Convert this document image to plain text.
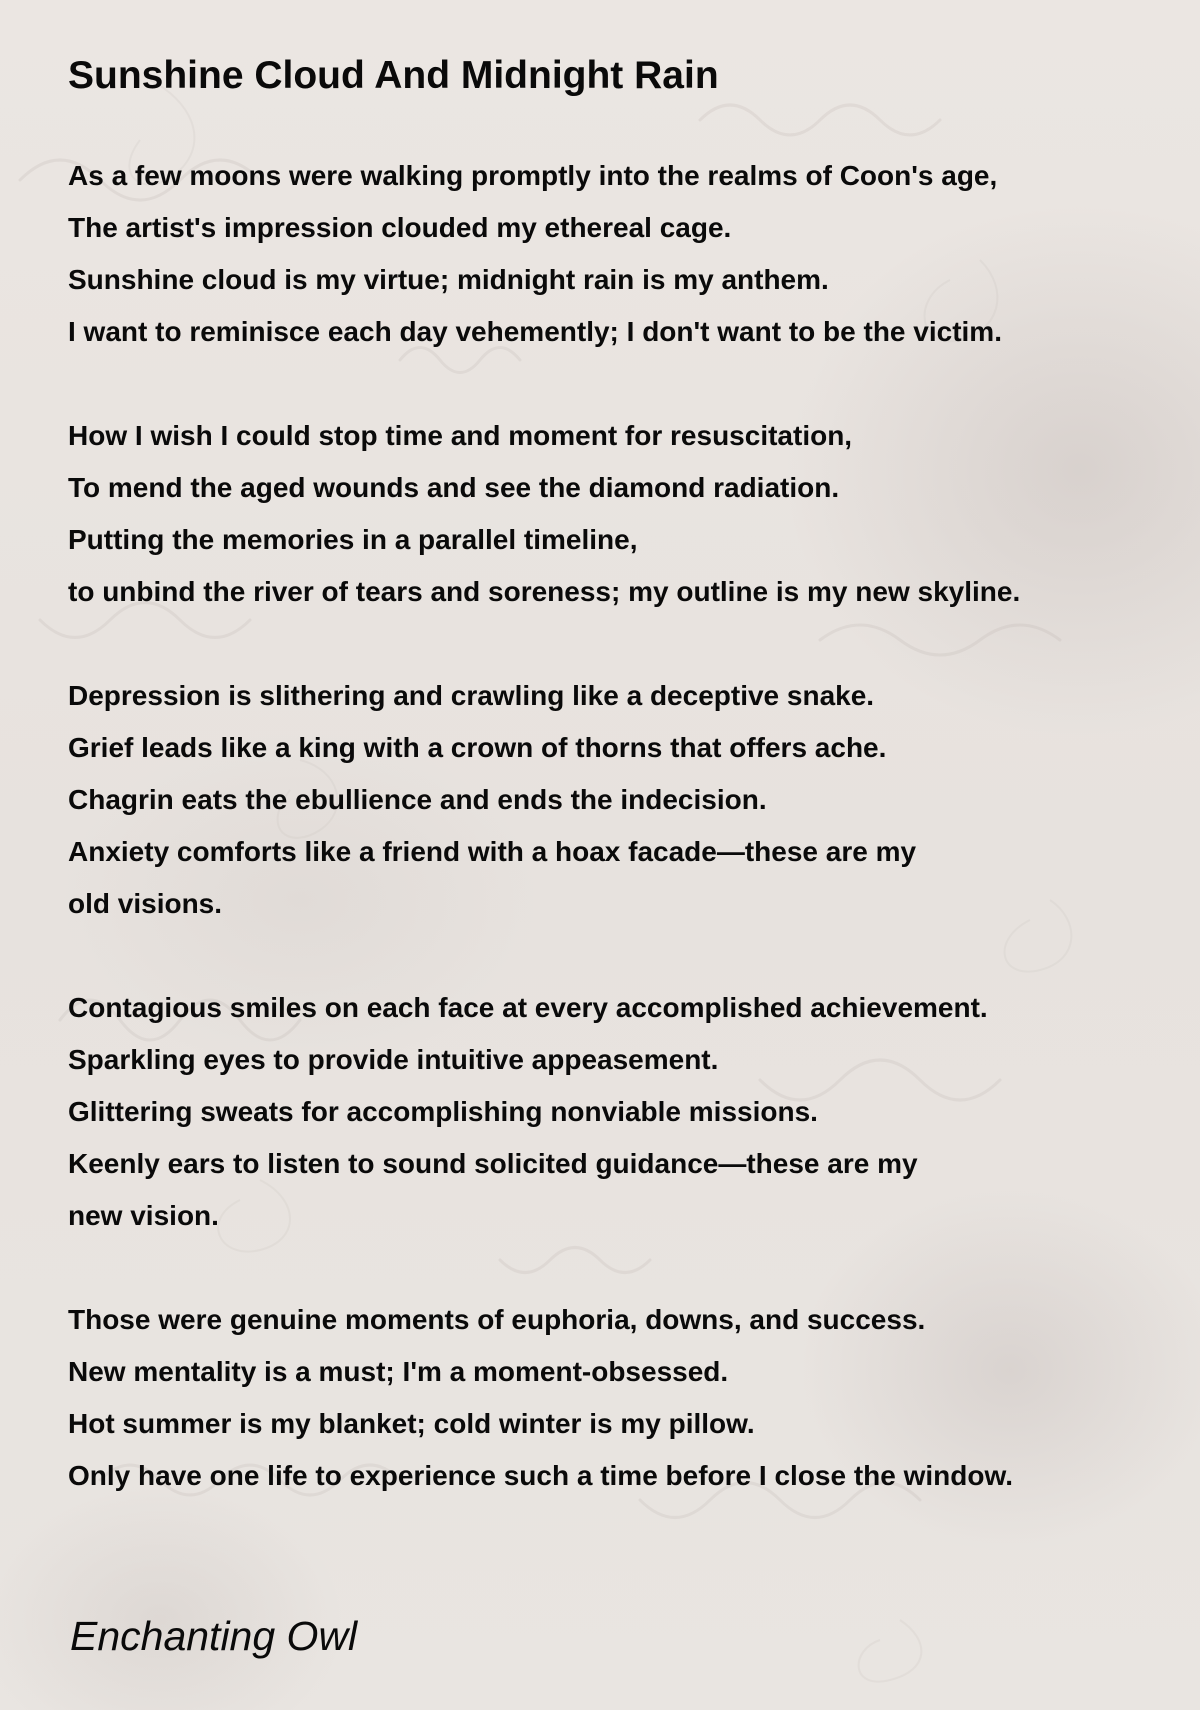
Sunshine Cloud And Midnight Rain
As a few moons were walking promptly into the realms of Coon's age,
The artist's impression clouded my ethereal cage.
Sunshine cloud is my virtue; midnight rain is my anthem.
I want to reminisce each day vehemently; I don't want to be the victim.
How I wish I could stop time and moment for resuscitation,
To mend the aged wounds and see the diamond radiation.
Putting the memories in a parallel timeline,
to unbind the river of tears and soreness; my outline is my new skyline.
Depression is slithering and crawling like a deceptive snake.
Grief leads like a king with a crown of thorns that offers ache.
Chagrin eats the ebullience and ends the indecision.
Anxiety comforts like a friend with a hoax facade—these are my
old visions.
Contagious smiles on each face at every accomplished achievement.
Sparkling eyes to provide intuitive appeasement.
Glittering sweats for accomplishing nonviable missions.
Keenly ears to listen to sound solicited guidance—these are my
new vision.
Those were genuine moments of euphoria, downs, and success.
New mentality is a must; I'm a moment-obsessed.
Hot summer is my blanket; cold winter is my pillow.
Only have one life to experience such a time before I close the window.
Enchanting Owl
